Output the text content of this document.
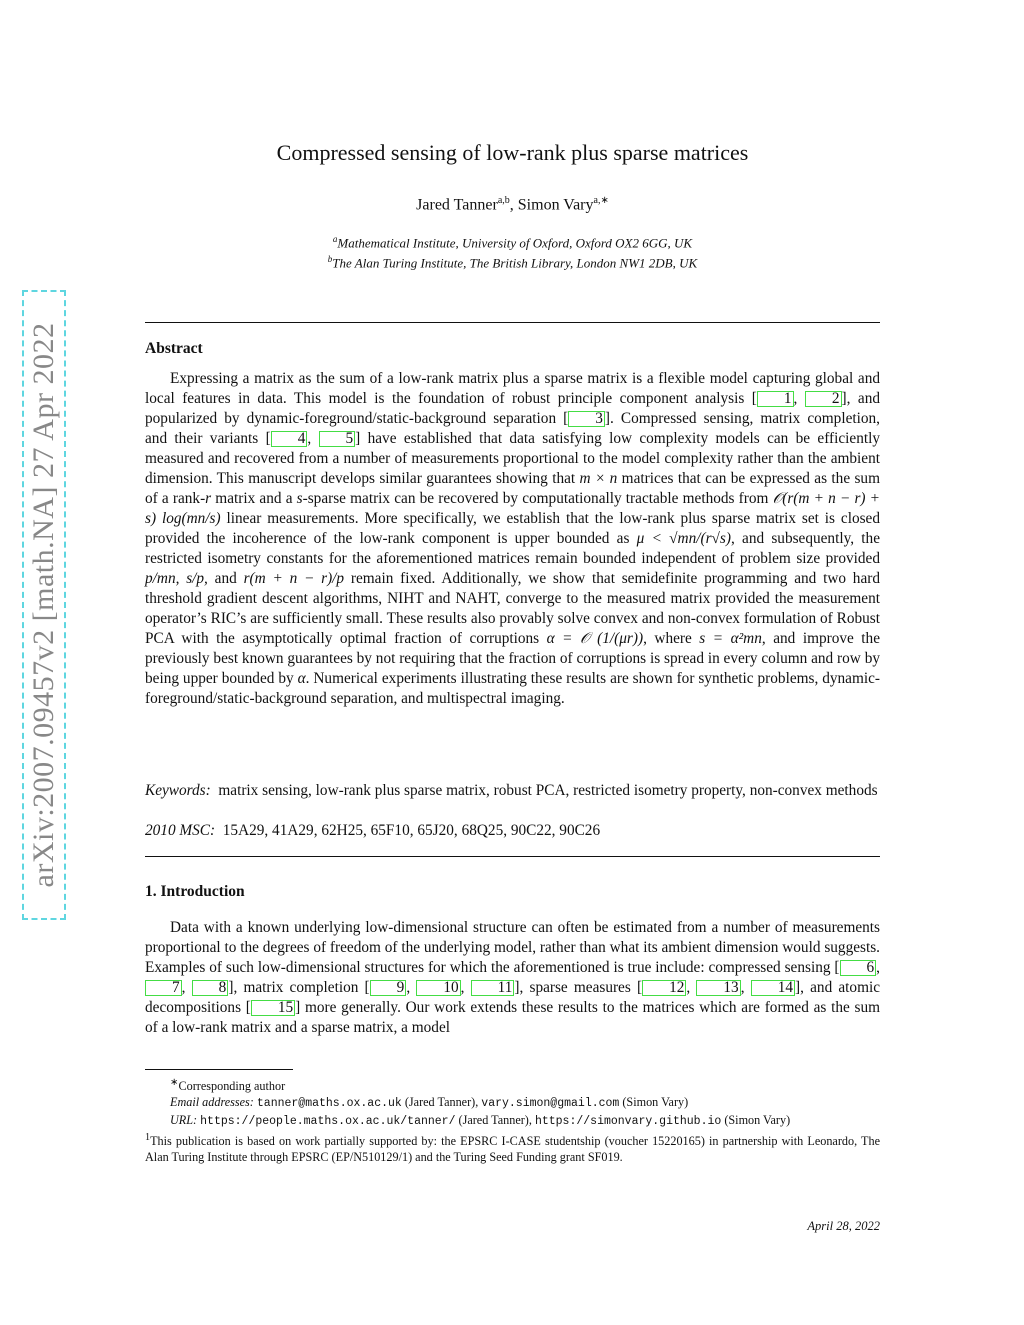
arXiv:2007.09457v2 [math.NA] 27 Apr 2022
Compressed sensing of low-rank plus sparse matrices
Jared Tanner$^{a,b}$, Simon Vary$^{a,∗}$
$^a$Mathematical Institute, University of Oxford, Oxford OX2 6GG, UK
$^b$The Alan Turing Institute, The British Library, London NW1 2DB, UK
Abstract

Expressing a matrix as the sum of a low-rank matrix plus a sparse matrix is a flexible model capturing global and local features in data. This model is the foundation of robust principle component analysis [ 1 , 2 ], and popularized by dynamic-foreground/static-background separation [ 3 ]. Compressed sensing, matrix completion, and their variants [ 4 , 5 ] have established that data satisfying low complexity models can be efficiently measured and recovered from a number of measurements proportional to the model complexity rather than the ambient dimension. This manuscript develops similar guarantees showing that m × n matrices that can be expressed as the sum of a rank-r matrix and a s-sparse matrix can be recovered by computationally tractable methods from 𝒪(r(m + n − r) + s) log(mn/s) linear measurements. More specifically, we establish that the low-rank plus sparse matrix set is closed provided the incoherence of the low-rank component is upper bounded as μ < √mn/(r√s), and subsequently, the restricted isometry constants for the aforementioned matrices remain bounded independent of problem size provided p/mn, s/p, and r(m + n − r)/p remain fixed. Additionally, we show that semidefinite programming and two hard threshold gradient descent algorithms, NIHT and NAHT, converge to the measured matrix provided the measurement operator’s RIC’s are sufficiently small. These results also provably solve convex and non-convex formulation of Robust PCA with the asymptotically optimal fraction of corruptions α = 𝒪 (1/(μr)), where s = α²mn, and improve the previously best known guarantees by not requiring that the fraction of corruptions is spread in every column and row by being upper bounded by α. Numerical experiments illustrating these results are shown for synthetic problems, dynamic-foreground/static-background separation, and multispectral imaging.

Keywords: matrix sensing, low-rank plus sparse matrix, robust PCA, restricted isometry property, non-convex methods
2010 MSC: 15A29, 41A29, 62H25, 65F10, 65J20, 68Q25, 90C22, 90C26
1. Introduction

Data with a known underlying low-dimensional structure can often be estimated from a number of measurements proportional to the degrees of freedom of the underlying model, rather than what its ambient dimension would suggests. Examples of such low-dimensional structures for which the aforementioned is true include: compressed sensing [ 6 , 7 , 8 ], matrix completion [ 9 , 10 , 11 ], sparse measures [ 12 , 13 , 14 ], and atomic decompositions [ 15 ] more generally. Our work extends these results to the matrices which are formed as the sum of a low-rank matrix and a sparse matrix, a model

∗Corresponding author

Email addresses: tanner@maths.ox.ac.uk (Jared Tanner), vary.simon@gmail.com (Simon Vary)

URL: https://people.maths.ox.ac.uk/tanner/ (Jared Tanner), https://simonvary.github.io (Simon Vary)

$^1$This publication is based on work partially supported by: the EPSRC I-CASE studentship (voucher 15220165) in partnership with Leonardo, The Alan Turing Institute through EPSRC (EP/N510129/1) and the Turing Seed Funding grant SF019.

April 28, 2022
